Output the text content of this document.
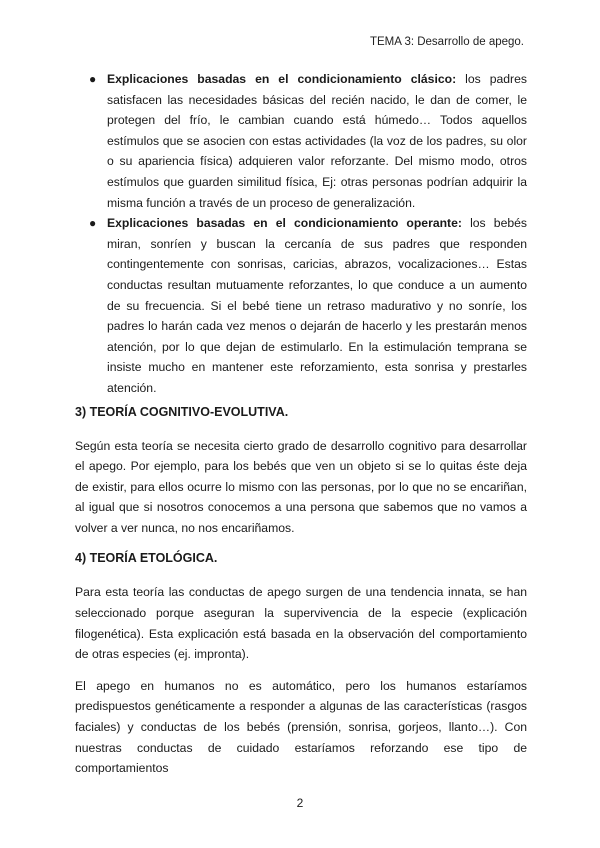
TEMA 3: Desarrollo de apego.
● Explicaciones basadas en el condicionamiento clásico: los padres satisfacen las necesidades básicas del recién nacido, le dan de comer, le protegen del frío, le cambian cuando está húmedo… Todos aquellos estímulos que se asocien con estas actividades (la voz de los padres, su olor o su apariencia física) adquieren valor reforzante. Del mismo modo, otros estímulos que guarden similitud física, Ej: otras personas podrían adquirir la misma función a través de un proceso de generalización.
● Explicaciones basadas en el condicionamiento operante: los bebés miran, sonríen y buscan la cercanía de sus padres que responden contingentemente con sonrisas, caricias, abrazos, vocalizaciones… Estas conductas resultan mutuamente reforzantes, lo que conduce a un aumento de su frecuencia. Si el bebé tiene un retraso madurativo y no sonríe, los padres lo harán cada vez menos o dejarán de hacerlo y les prestarán menos atención, por lo que dejan de estimularlo. En la estimulación temprana se insiste mucho en mantener este reforzamiento, esta sonrisa y prestarles atención.
3) TEORÍA COGNITIVO-EVOLUTIVA.

Según esta teoría se necesita cierto grado de desarrollo cognitivo para desarrollar el apego. Por ejemplo, para los bebés que ven un objeto si se lo quitas éste deja de existir, para ellos ocurre lo mismo con las personas, por lo que no se encariñan, al igual que si nosotros conocemos a una persona que sabemos que no vamos a volver a ver nunca, no nos encariñamos.

4) TEORÍA ETOLÓGICA.

Para esta teoría las conductas de apego surgen de una tendencia innata, se han seleccionado porque aseguran la supervivencia de la especie (explicación filogenética). Esta explicación está basada en la observación del comportamiento de otras especies (ej. impronta).

El apego en humanos no es automático, pero los humanos estaríamos predispuestos genéticamente a responder a algunas de las características (rasgos faciales) y conductas de los bebés (prensión, sonrisa, gorjeos, llanto…). Con nuestras conductas de cuidado estaríamos reforzando ese tipo de comportamientos

2
